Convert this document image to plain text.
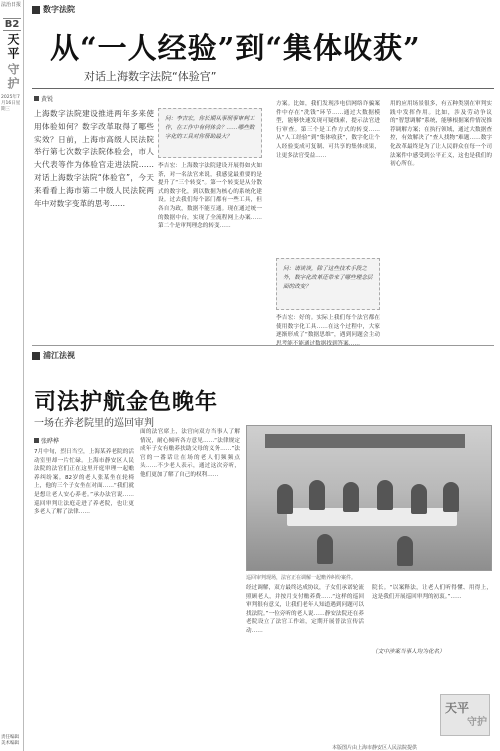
法治日报
B2
天平
守护
2025年7月16日星期三
责任编辑 美术编辑
数字法院
从“一人经验”到“集体收获”
对话上海数字法院“体验官”
黄锐
上海数字法院建设推进两年多来使用体验如何？数字改革取得了哪些实效？日前，上海市高级人民法院举行第七次数字法院体验会，市人大代表等作为体验官走进法院……对话上海数字法院“体验官”，今天来看看上海市第二中级人民法院两年中对数字变革的思考……
问：李吉宏，你长期从事刑事审判工作，在工作中有何体会？……哪些数字化的工具对你帮助最大？
李吉宏：上海数字法院建设开展得如火如荼，对一名法官来说，我感觉最重要的是提升了“三个转变”。第一个转变是从分散式的数字化，到以数据为核心的系统化建设。过去我们每个部门都有一些工具，但各自为政，数据不能互通。现在通过统一的数据中台，实现了全流程网上办案……第二个是审判理念的转变……
方案。比如，我们发现涉电信网络诈骗案件中存在“洗钱”环节……通过大数据模型，能够快速发现可疑线索，提示法官进行审查。第三个是工作方式的转变……从“人工经验”到“集体收获”，数字化让个人经验变成可复制、可共享的集体成果，让更多法官受益……
问：请谈谈，除了这些技术手段之外，数字化改革还带来了哪些理念层面的改变？
李吉宏：好的。实际上我们每个法官都在使用数字化工具……在这个过程中，大家逐渐形成了“数据思维”，遇到问题会主动思考能不能通过数据找到答案……
用的应用场景很多，有五种类别在审判实践中发挥作用。比如，涉及劳动争议的“智慧调解”系统，能够根据案件情况推荐调解方案；在执行领域，通过大数据查控，有效解决了“查人找物”难题……数字化改革最终是为了让人民群众在每一个司法案件中感受到公平正义，这也是我们的初心所在。
浦江法视
司法护航金色晚年
一场在养老院里的巡回审判
张晔桦
7月中旬，烈日当空，上海某养老院的活动室里却一片忙碌。上海市静安区人民法院的法官们正在这里开庭审理一起赡养纠纷案。82岁的老人张某坐在轮椅上，他的三个子女坐在对面……“我们就是想让老人安心养老。”承办法官说……巡回审判让法庭走进了养老院，也让更多老人了解了法律……
面的法官席上，法官向双方当事人了解情况，耐心倾听各方意见……“法律规定成年子女有赡养扶助父母的义务……”法官的一番话让在场的老人们频频点头……不少老人表示，通过这次旁听，他们更加了解了自己的权利……
巡回审判现场，法官正在调解一起赡养纠纷案件。
经过调解，双方最终达成协议，子女们承诺轮流照顾老人，并按月支付赡养费……“这样的巡回审判很有意义，让我们老年人知道遇到问题可以找法院。”一位旁听的老人说……静安法院还在养老院设立了法官工作站，定期开展普法宣传活动……
院长。“以案释法，让老人们听得懂、用得上，这是我们开展巡回审判的初衷。”……
（文中涉案当事人均为化名）
天平
守护
本版图片由上海市静安区人民法院提供
